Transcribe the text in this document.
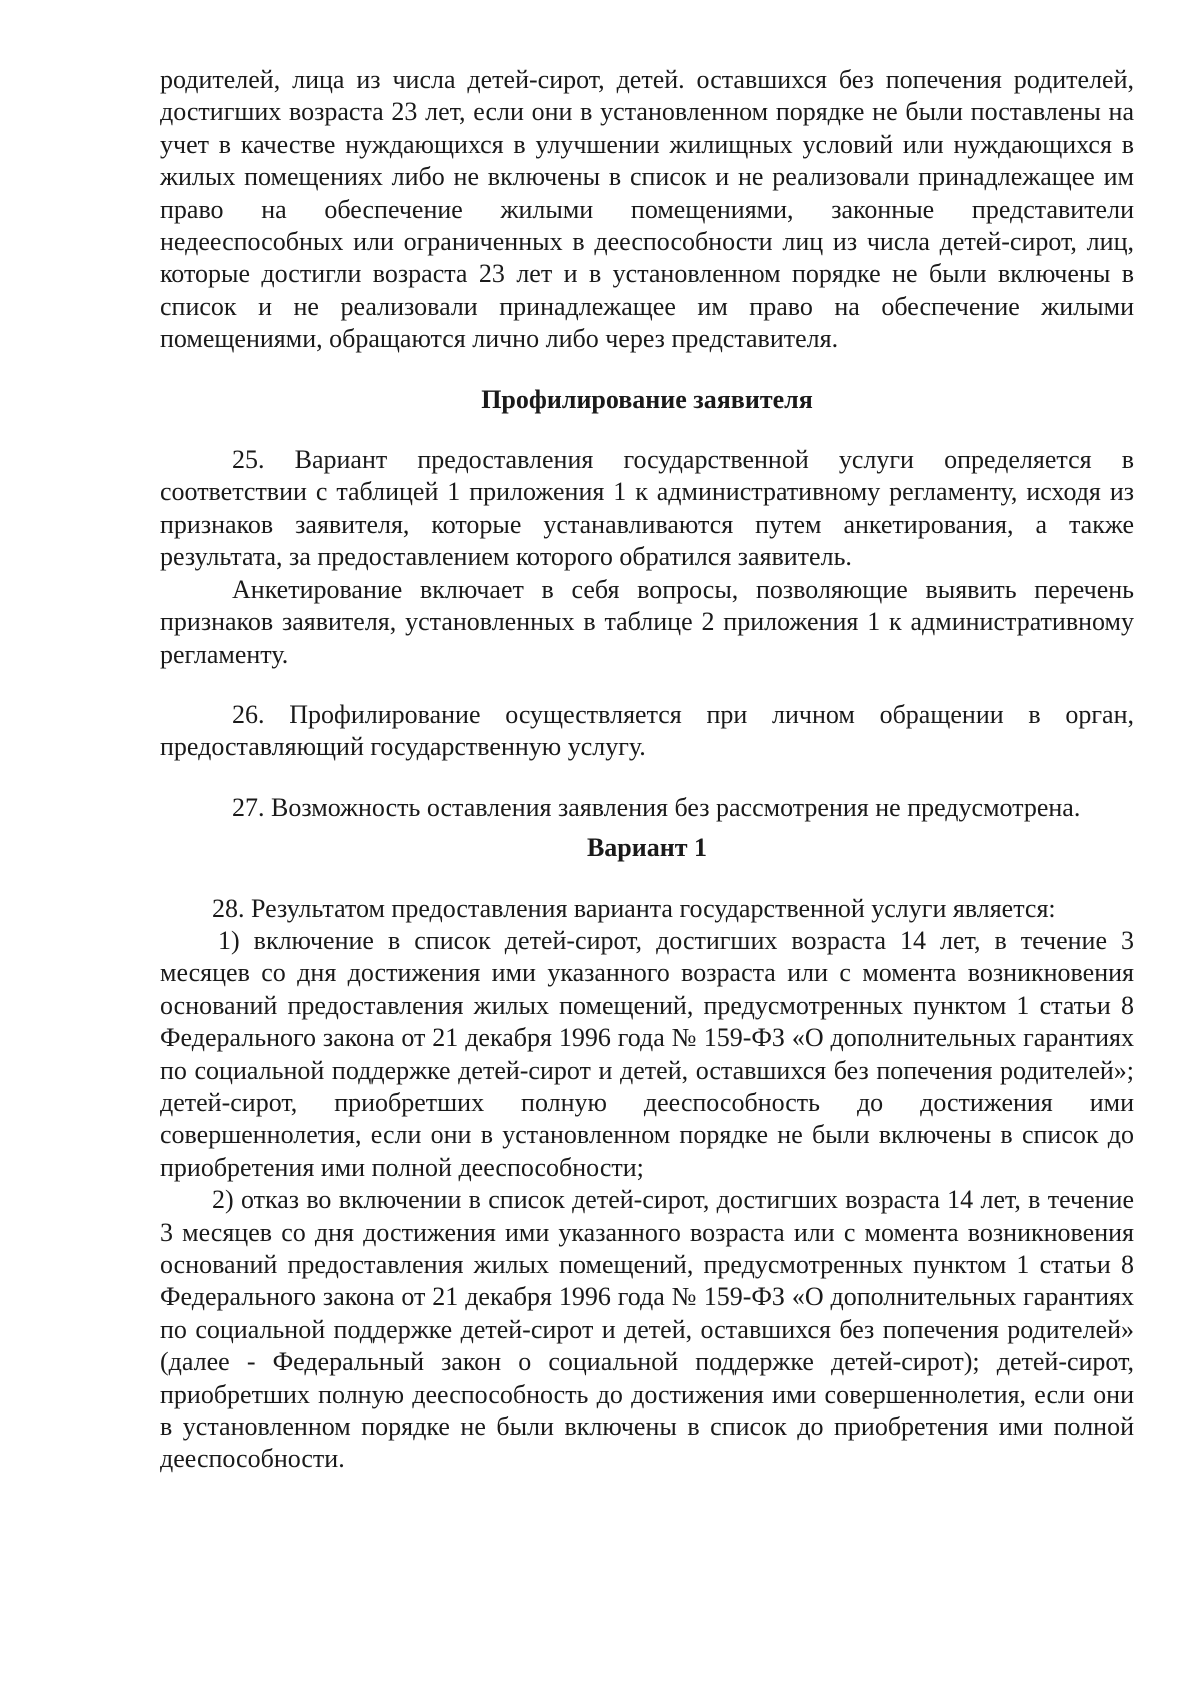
родителей, лица из числа детей-сирот, детей. оставшихся без попечения родителей, достигших возраста 23 лет, если они в установленном порядке не были поставлены на учет в качестве нуждающихся в улучшении жилищных условий или нуждающихся в жилых помещениях либо не включены в список и не реализовали принадлежащее им право на обеспечение жилыми помещениями, законные представители недееспособных или ограниченных в дееспособности лиц из числа детей-сирот, лиц, которые достигли возраста 23 лет и в установленном порядке не были включены в список и не реализовали принадлежащее им право на обеспечение жилыми помещениями, обращаются лично либо через представителя.

Профилирование заявителя

25. Вариант предоставления государственной услуги определяется в соответствии с таблицей 1 приложения 1 к административному регламенту, исходя из признаков заявителя, которые устанавливаются путем анкетирования, а также результата, за предоставлением которого обратился заявитель.

Анкетирование включает в себя вопросы, позволяющие выявить перечень признаков заявителя, установленных в таблице 2 приложения 1 к административному регламенту.

26. Профилирование осуществляется при личном обращении в орган, предоставляющий государственную услугу.

27. Возможность оставления заявления без рассмотрения не предусмотрена.

Вариант 1

28. Результатом предоставления варианта государственной услуги является:

1) включение в список детей-сирот, достигших возраста 14 лет, в течение 3 месяцев со дня достижения ими указанного возраста или с момента возникновения оснований предоставления жилых помещений, предусмотренных пунктом 1 статьи 8 Федерального закона от 21 декабря 1996 года № 159-ФЗ «О дополнительных гарантиях по социальной поддержке детей-сирот и детей, оставшихся без попечения родителей»; детей-сирот, приобретших полную дееспособность до достижения ими совершеннолетия, если они в установленном порядке не были включены в список до приобретения ими полной дееспособности;

2) отказ во включении в список детей-сирот, достигших возраста 14 лет, в течение 3 месяцев со дня достижения ими указанного возраста или с момента возникновения оснований предоставления жилых помещений, предусмотренных пунктом 1 статьи 8 Федерального закона от 21 декабря 1996 года № 159-ФЗ «О дополнительных гарантиях по социальной поддержке детей-сирот и детей, оставшихся без попечения родителей» (далее - Федеральный закон о социальной поддержке детей-сирот); детей-сирот, приобретших полную дееспособность до достижения ими совершеннолетия, если они в установленном порядке не были включены в список до приобретения ими полной дееспособности.
